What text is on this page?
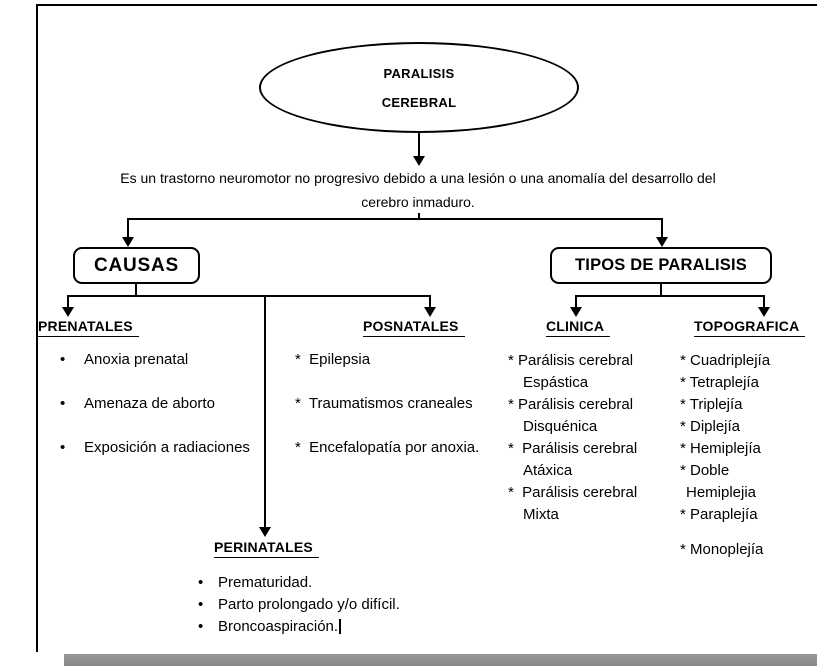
PARALISIS
CEREBRAL
Es un trastorno neuromotor no progresivo debido a una lesión o una anomalía del desarrollo del
cerebro inmaduro.
CAUSAS	TIPOS DE PARALISIS
PRENATALES	POSNATALES	CLINICA	TOPOGRAFICA
PERINATALES
•	Anoxia prenatal
•	Amenaza de aborto
•	Exposición a radiaciones
*  Epilepsia
*  Traumatismos craneales
*  Encefalopatía por anoxia.
* Parálisis cerebral
Espástica
* Parálisis cerebral
Disquénica
*  Parálisis cerebral
Atáxica
*  Parálisis cerebral
Mixta
* Cuadriplejía
* Tetraplejía
* Triplejía
* Diplejía
* Hemiplejía
* Doble
Hemiplejia
* Paraplejía
* Monoplejía
• Prematuridad.
• Parto prolongado y/o difícil.
• Broncoaspiración.
